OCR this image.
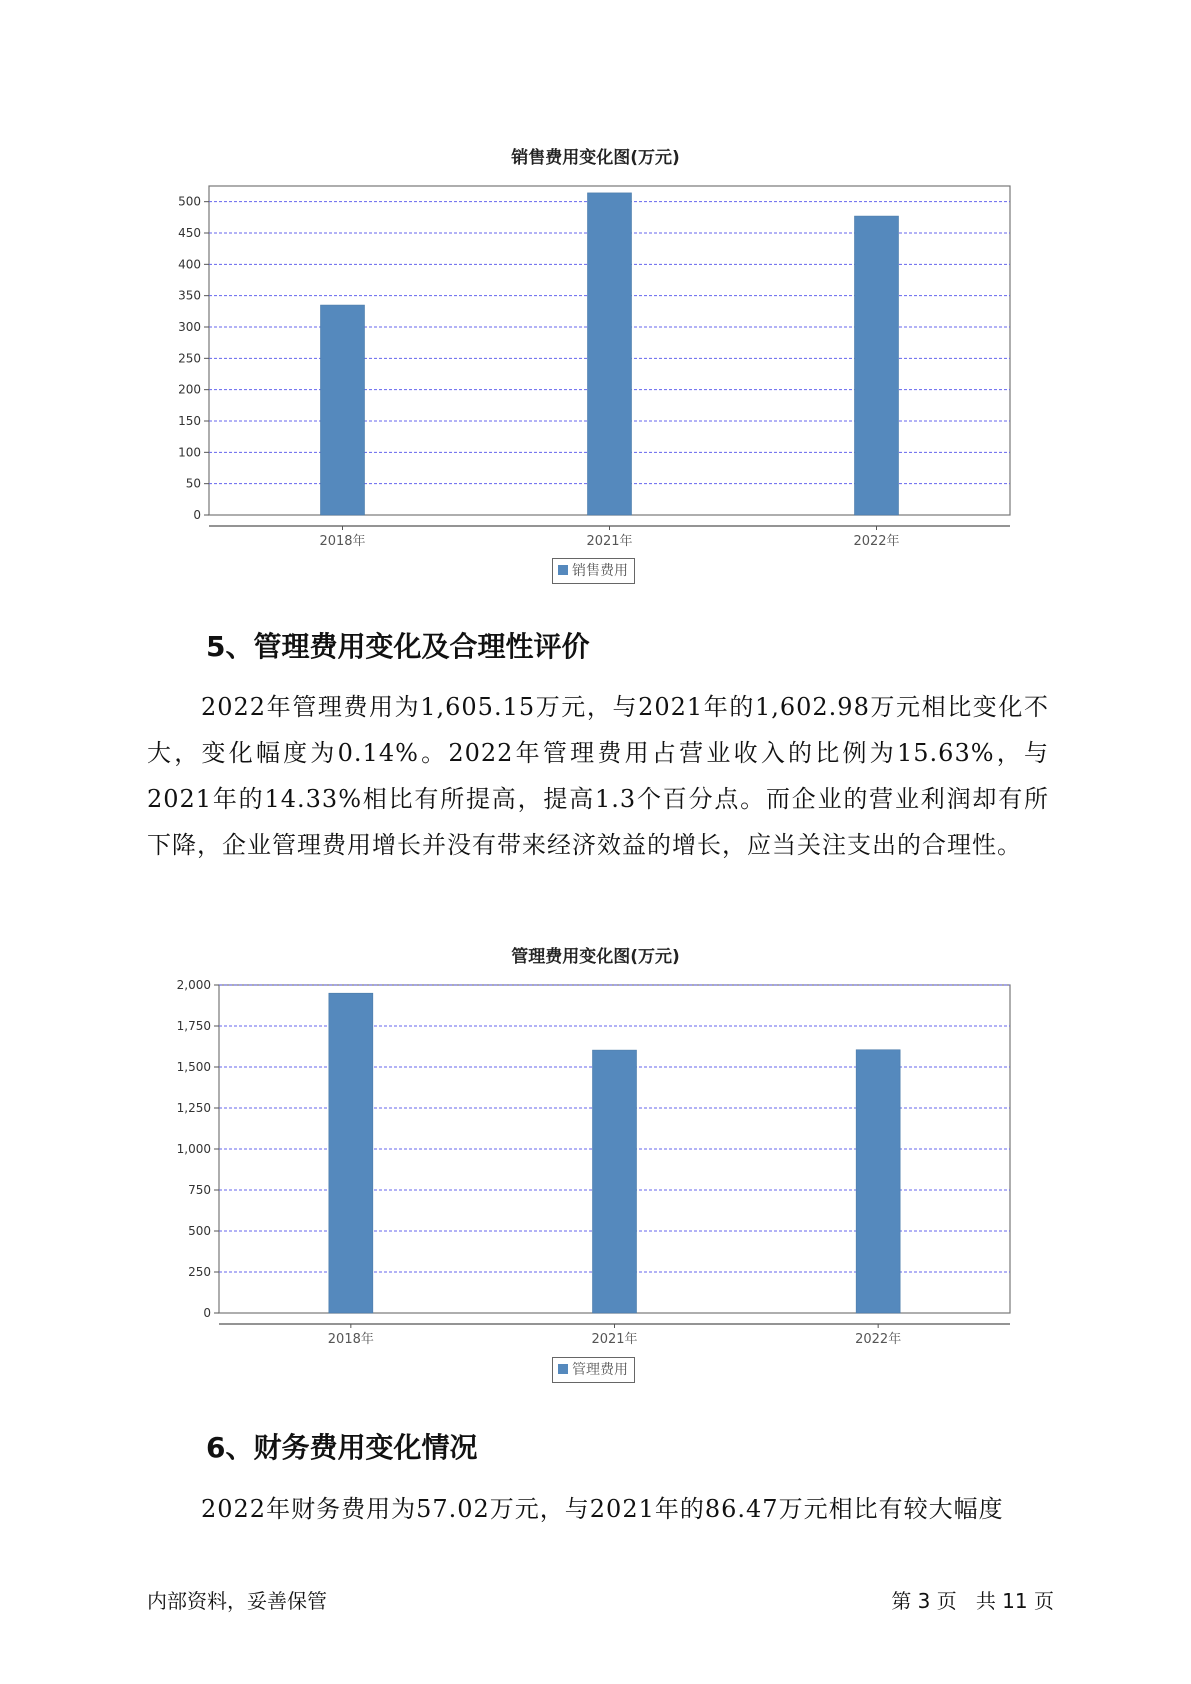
销售费用变化图(万元)
0
50
100
150
200
250
300
350
400
450
500
2018年	2021年	2022年
销售费用
5、管理费用变化及合理性评价

2022年管理费用为1,605.15万元，与2021年的1,602.98万元相比变化不大，变化幅度为0.14%。2022年管理费用占营业收入的比例为15.63%，与2021年的14.33%相比有所提高，提高1.3个百分点。而企业的营业利润却有所下降，企业管理费用增长并没有带来经济效益的增长，应当关注支出的合理性。

管理费用变化图(万元)
0
250
500
750
1,000
1,250
1,500
1,750
2,000
2018年	2021年	2022年
管理费用
6、财务费用变化情况

2022年财务费用为57.02万元，与2021年的86.47万元相比有较大幅度

内部资料，妥善保管	第 3 页   共 11 页
